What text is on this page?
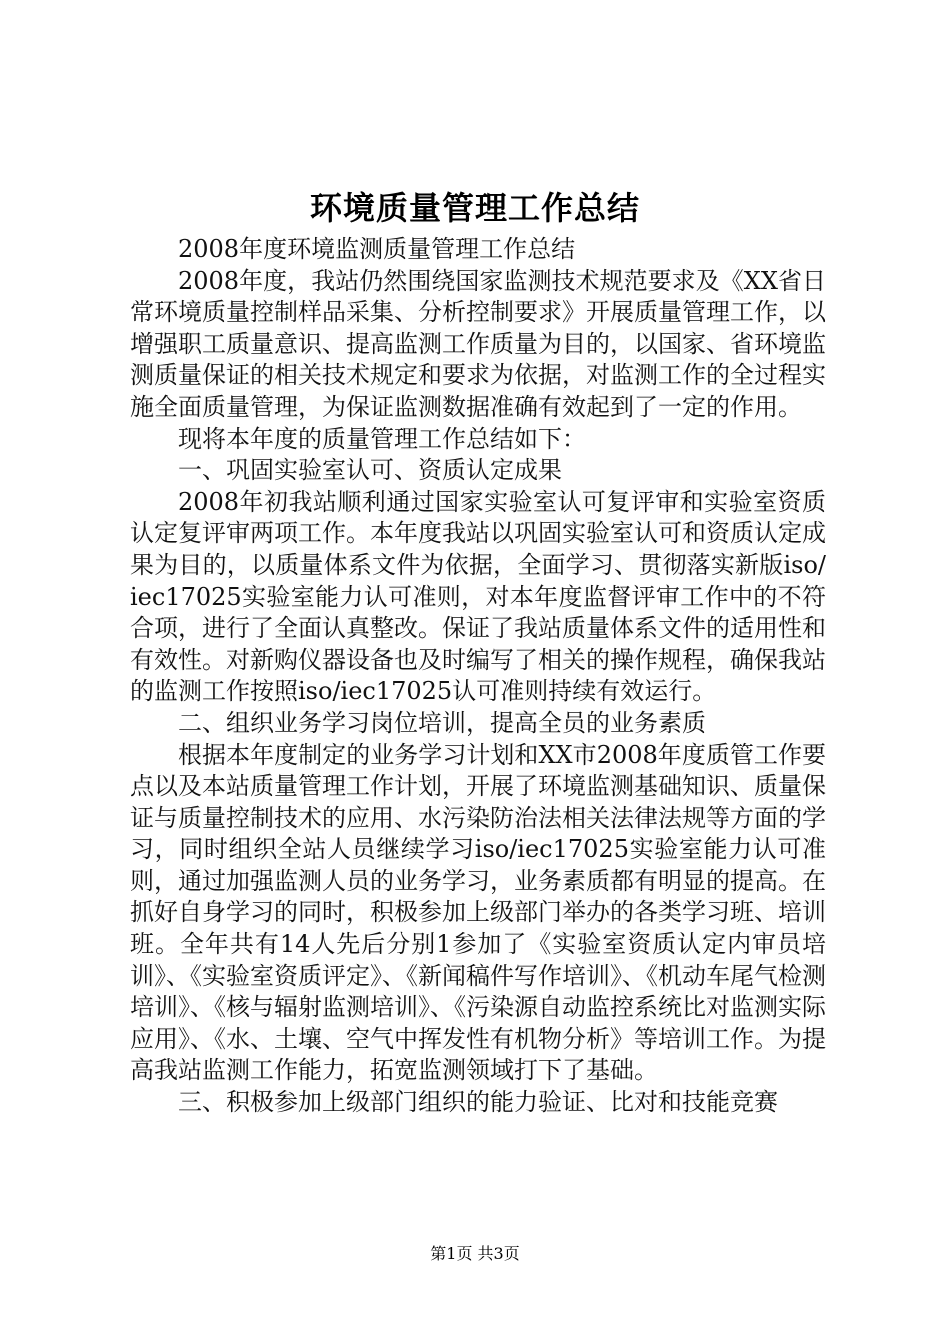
环境质量管理工作总结

2008年度环境监测质量管理工作总结

2008年度，我站仍然围绕国家监测技术规范要求及《XX省日常环境质量控制样品采集、分析控制要求》开展质量管理工作，以增强职工质量意识、提高监测工作质量为目的，以国家、省环境监测质量保证的相关技术规定和要求为依据，对监测工作的全过程实施全面质量管理，为保证监测数据准确有效起到了一定的作用。

现将本年度的质量管理工作总结如下：

一、巩固实验室认可、资质认定成果

2008年初我站顺利通过国家实验室认可复评审和实验室资质认定复评审两项工作。本年度我站以巩固实验室认可和资质认定成果为目的，以质量体系文件为依据，全面学习、贯彻落实新版iso/iec17025实验室能力认可准则，对本年度监督评审工作中的不符合项，进行了全面认真整改。保证了我站质量体系文件的适用性和有效性。对新购仪器设备也及时编写了相关的操作规程，确保我站的监测工作按照iso/iec17025认可准则持续有效运行。

二、组织业务学习岗位培训，提高全员的业务素质

根据本年度制定的业务学习计划和XX市2008年度质管工作要点以及本站质量管理工作计划，开展了环境监测基础知识、质量保证与质量控制技术的应用、水污染防治法相关法律法规等方面的学习，同时组织全站人员继续学习iso/iec17025实验室能力认可准则，通过加强监测人员的业务学习，业务素质都有明显的提高。在抓好自身学习的同时，积极参加上级部门举办的各类学习班、培训班。全年共有14人先后分别1参加了《实验室资质认定内审员培训》、《实验室资质评定》、《新闻稿件写作培训》、《机动车尾气检测培训》、《核与辐射监测培训》、《污染源自动监控系统比对监测实际应用》、《水、土壤、空气中挥发性有机物分析》等培训工作。为提高我站监测工作能力，拓宽监测领域打下了基础。

三、积极参加上级部门组织的能力验证、比对和技能竞赛

第1页 共3页
